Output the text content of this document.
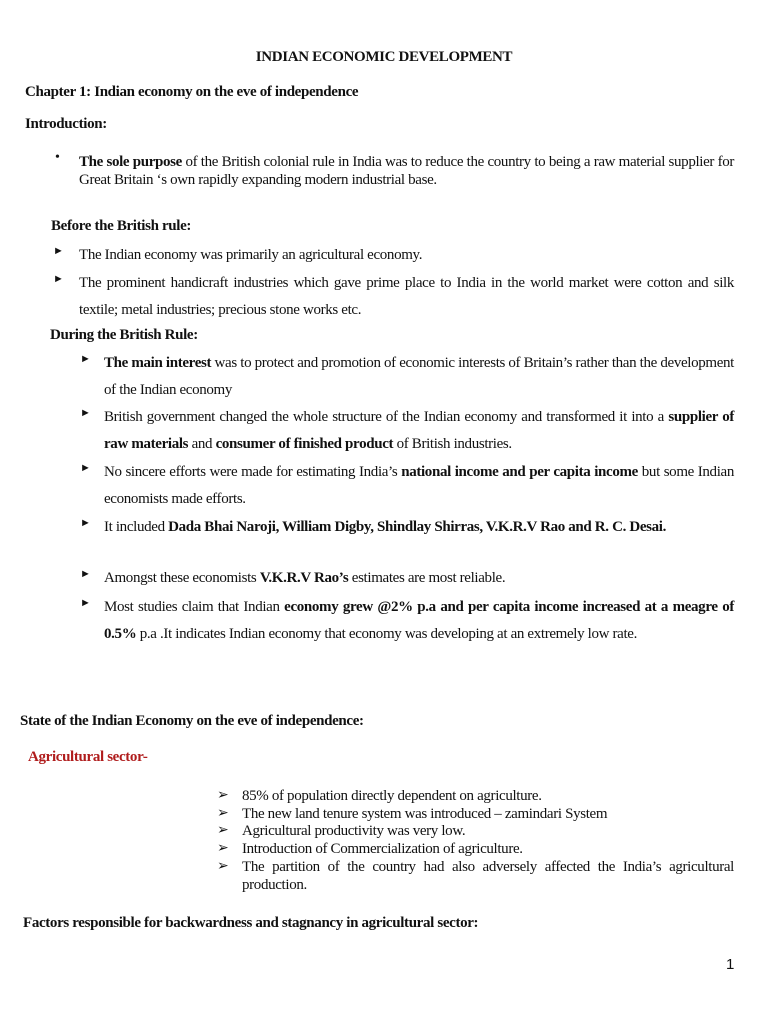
INDIAN ECONOMIC DEVELOPMENT
Chapter 1: Indian economy on the eve of independence
Introduction:
• The sole purpose of the British colonial rule in India was to reduce the country to being a raw material supplier for Great Britain ‘s own rapidly expanding modern industrial base.
Before the British rule:
► The Indian economy was primarily an agricultural economy.
► The prominent handicraft industries which gave prime place to India in the world market were cotton and silk textile; metal industries; precious stone works etc.
During the British Rule:
► The main interest was to protect and promotion of economic interests of Britain’s rather than the development of the Indian economy
► British government changed the whole structure of the Indian economy and transformed it into a supplier of raw materials and consumer of finished product of British industries.
► No sincere efforts were made for estimating India’s national income and per capita income but some Indian economists made efforts.
► It included Dada Bhai Naroji, William Digby, Shindlay Shirras, V.K.R.V Rao and R. C. Desai.
► Amongst these economists V.K.R.V Rao’s estimates are most reliable.
► Most studies claim that Indian economy grew @2% p.a and per capita income increased at a meagre of 0.5% p.a .It indicates Indian economy that economy was developing at an extremely low rate.
State of the Indian Economy on the eve of independence:
Agricultural sector-
➢ 85% of population directly dependent on agriculture.
➢ The new land tenure system was introduced – zamindari System
➢ Agricultural productivity was very low.
➢ Introduction of Commercialization of agriculture.
➢ The partition of the country had also adversely affected the India’s agricultural production.
Factors responsible for backwardness and stagnancy in agricultural sector:
1
